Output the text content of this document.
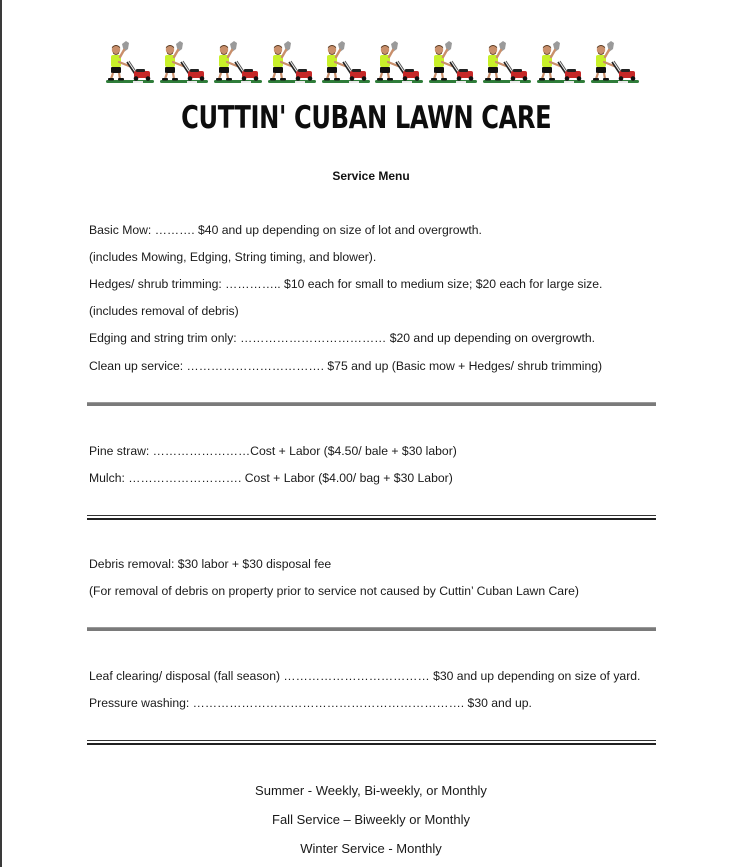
CUTTIN' CUBAN LAWN CARE
Service Menu
Basic Mow: ………. $40 and up depending on size of lot and overgrowth.
(includes Mowing, Edging, String timing, and blower).
Hedges/ shrub trimming: ………….. $10 each for small to medium size; $20 each for large size.
(includes removal of debris)
Edging and string trim only: ……………………………… $20 and up depending on overgrowth.
Clean up service: ……………………………. $75 and up (Basic mow + Hedges/ shrub trimming)
Pine straw: ……………………Cost + Labor ($4.50/ bale + $30 labor)
Mulch: ………………………. Cost + Labor ($4.00/ bag + $30 Labor)
Debris removal: $30 labor + $30 disposal fee
(For removal of debris on property prior to service not caused by Cuttin’ Cuban Lawn Care)
Leaf clearing/ disposal (fall season) ……………………………… $30 and up depending on size of yard.
Pressure washing: …………………………………………………………. $30 and up.
Summer - Weekly, Bi-weekly, or Monthly
Fall Service – Biweekly or Monthly
Winter Service - Monthly
